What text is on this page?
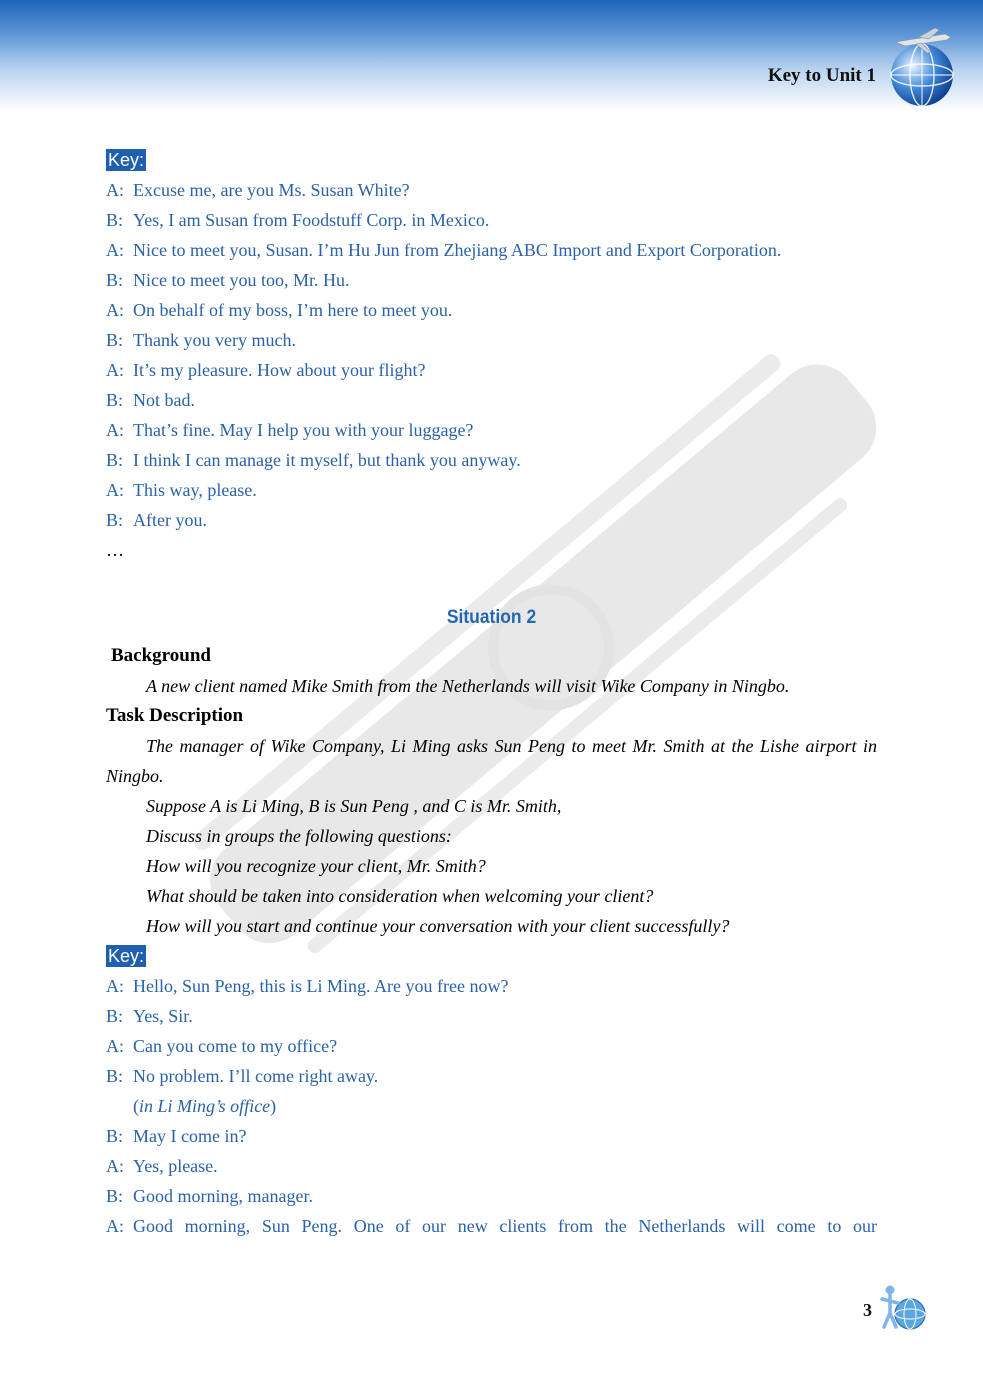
Key to Unit 1
Key:
A: Excuse me, are you Ms. Susan White?
B: Yes, I am Susan from Foodstuff Corp. in Mexico.
A: Nice to meet you, Susan. I’m Hu Jun from Zhejiang ABC Import and Export Corporation.
B: Nice to meet you too, Mr. Hu.
A: On behalf of my boss, I’m here to meet you.
B: Thank you very much.
A: It’s my pleasure. How about your flight?
B: Not bad.
A: That’s fine. May I help you with your luggage?
B: I think I can manage it myself, but thank you anyway.
A: This way, please.
B: After you.
…
Situation 2
Background
A new client named Mike Smith from the Netherlands will visit Wike Company in Ningbo.
Task Description
The manager of Wike Company, Li Ming asks Sun Peng to meet Mr. Smith at the Lishe airport in Ningbo.
Suppose A is Li Ming, B is Sun Peng , and C is Mr. Smith,
Discuss in groups the following questions:
How will you recognize your client, Mr. Smith?
What should be taken into consideration when welcoming your client?
How will you start and continue your conversation with your client successfully?
Key:
A: Hello, Sun Peng, this is Li Ming. Are you free now?
B: Yes, Sir.
A: Can you come to my office?
B: No problem. I’ll come right away.
(in Li Ming’s office)
B: May I come in?
A: Yes, please.
B: Good morning, manager.
A: Good morning, Sun Peng. One of our new clients from the Netherlands will come to our
3
